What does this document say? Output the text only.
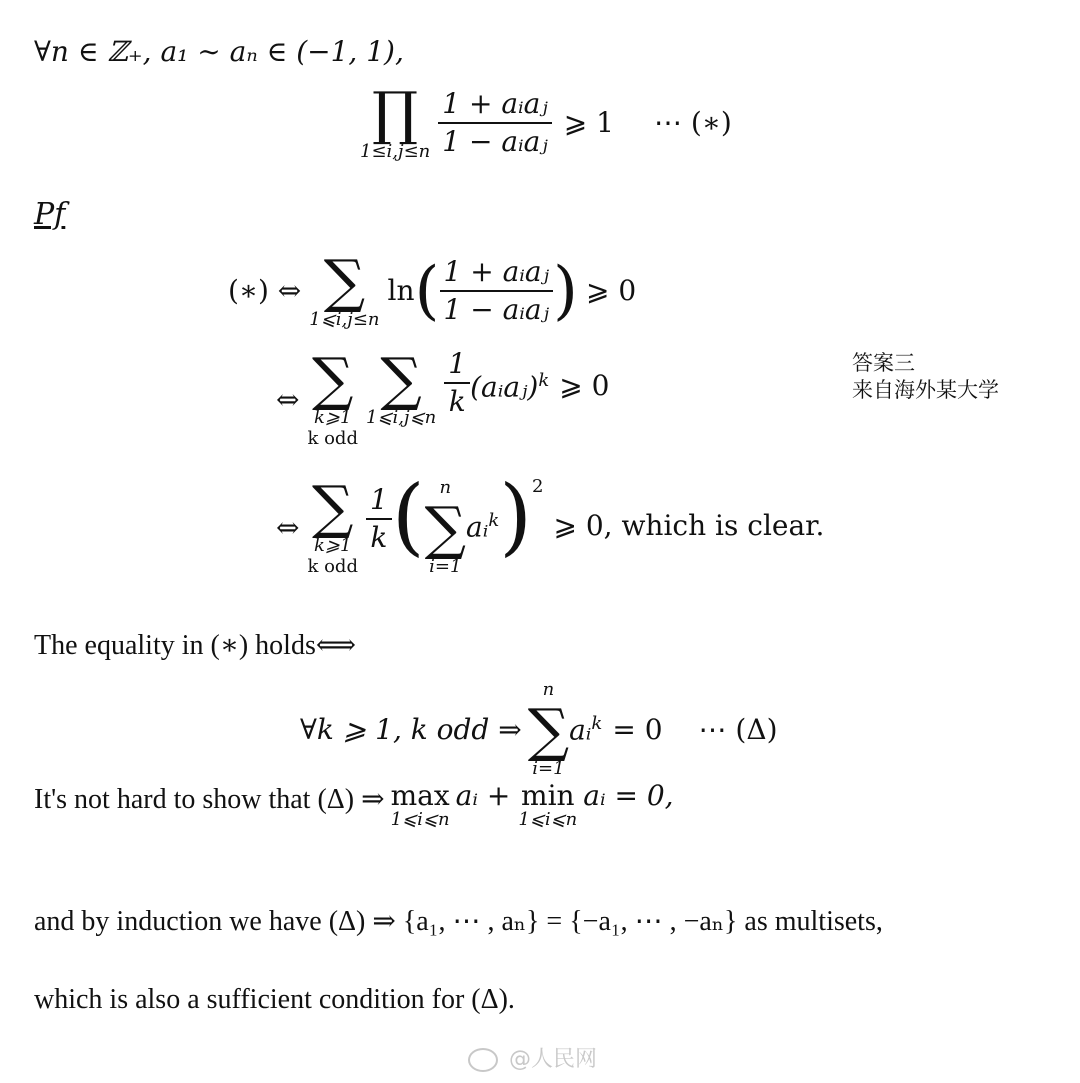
∀n ∈ ℤ₊, a₁ ∼ aₙ ∈ (−1, 1),
∏
$1\le i,j\le n \frac{\text{1 + aᵢaⱼ}}{\text{1 − aᵢaⱼ}}$ ⩾ 1 ⋯ (∗)
Pf
(∗) ⇔ ∑
1⩽i,j≤n
ln ( $\frac{\text{1 + aᵢaⱼ}}{\text{1 − aᵢaⱼ}}$ ) ⩾ 0
⇔ ∑
k⩾1
k odd
∑
1⩽i,j⩽n
$\frac{1}{k}$ (aᵢaⱼ)$^k$ ⩾ 0
⇔ ∑
k⩾1
k odd
$\frac{1}{k}$ ( n
∑
i=1
aᵢ$^k$ ) 2
⩾ 0, which is clear.
答案三
来自海外某大学
The equality in (∗) holds⟺
∀k ⩾ 1, k odd ⇒
n
∑
i=1
aᵢ$^k$ = 0 ⋯ (Δ)
It's not hard to show that (Δ) ⇒ max
1⩽i⩽n
aᵢ + min
1⩽i⩽n
aᵢ = 0,
and by induction we have (Δ) ⇒ {a₁, ⋯ , aₙ} = {−a₁, ⋯ , −aₙ} as multisets,
which is also a sufficient condition for (Δ).
@人民网
